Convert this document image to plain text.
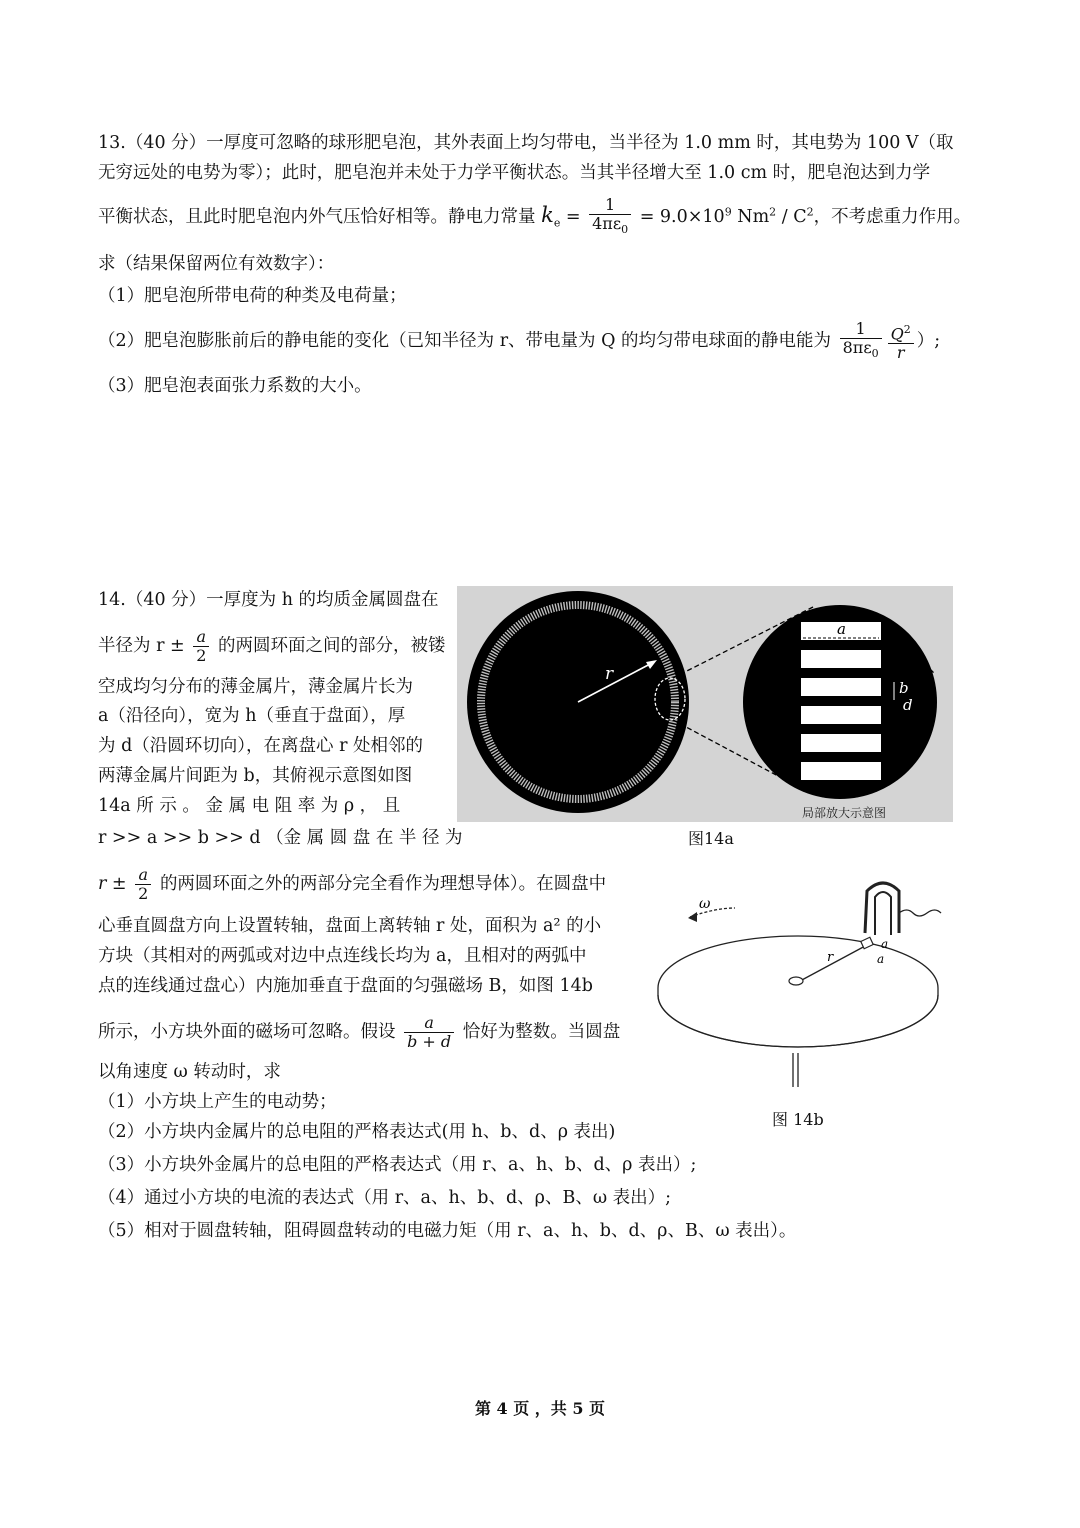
13.（40 分）一厚度可忽略的球形肥皂泡，其外表面上均匀带电，当半径为 1.0 mm 时，其电势为 100 V（取
无穷远处的电势为零）；此时，肥皂泡并未处于力学平衡状态。当其半径增大至 1.0 cm 时，肥皂泡达到力学
平衡状态，且此时肥皂泡内外气压恰好相等。静电力常量 $k_e = \frac{1}{4\pi\varepsilon_0} = 9.0\times 10^9$ $Nm^2 / C^2$，不考虑重力作用。
求（结果保留两位有效数字）：
（1）肥皂泡所带电荷的种类及电荷量；
（2）肥皂泡膨胀前后的静电能的变化（已知半径为 r、带电量为 Q 的均匀带电球面的静电能为 $\frac{1}{8\pi\varepsilon_0} \frac{Q^2}{r}$ ）;
（3）肥皂泡表面张力系数的大小。
14.（40 分）一厚度为 h 的均质金属圆盘在
半径为 $r \pm \frac{a}{2}$ 的两圆环面之间的部分，被镂
空成均匀分布的薄金属片，薄金属片长为
a（沿径向），宽为 h（垂直于盘面），厚
为 d（沿圆环切向），在离盘心 r 处相邻的
两薄金属片间距为 b，其俯视示意图如图
14a 所 示 。 金 属 电 阻 率 为 ρ ， 且
r >> a >> b >> d （金 属 圆 盘 在 半 径 为
$r \pm \frac{a}{2}$ 的两圆环面之外的两部分完全看作为理想导体）。在圆盘中
心垂直圆盘方向上设置转轴，盘面上离转轴 r 处，面积为 a² 的小
方块（其相对的两弧或对边中点连线长均为 a，且相对的两弧中
点的连线通过盘心）内施加垂直于盘面的匀强磁场 B，如图 14b
所示，小方块外面的磁场可忽略。假设 $\frac{a}{b + d}$ 恰好为整数。当圆盘
以角速度 ω 转动时，求
（1）小方块上产生的电动势；
（2）小方块内金属片的总电阻的严格表达式(用 h、b、d、ρ 表出)
（3）小方块外金属片的总电阻的严格表达式（用 r、a、h、b、d、ρ 表出）;
（4）通过小方块的电流的表达式（用 r、a、h、b、d、ρ、B、ω 表出）;
（5）相对于圆盘转轴，阻碍圆盘转动的电磁力矩（用 r、a、h、b、d、ρ、B、ω 表出）。
r
a
b
d
局部放大示意图
图14a
ω
r
a
a
图 14b
第 4 页 ，共 5 页
